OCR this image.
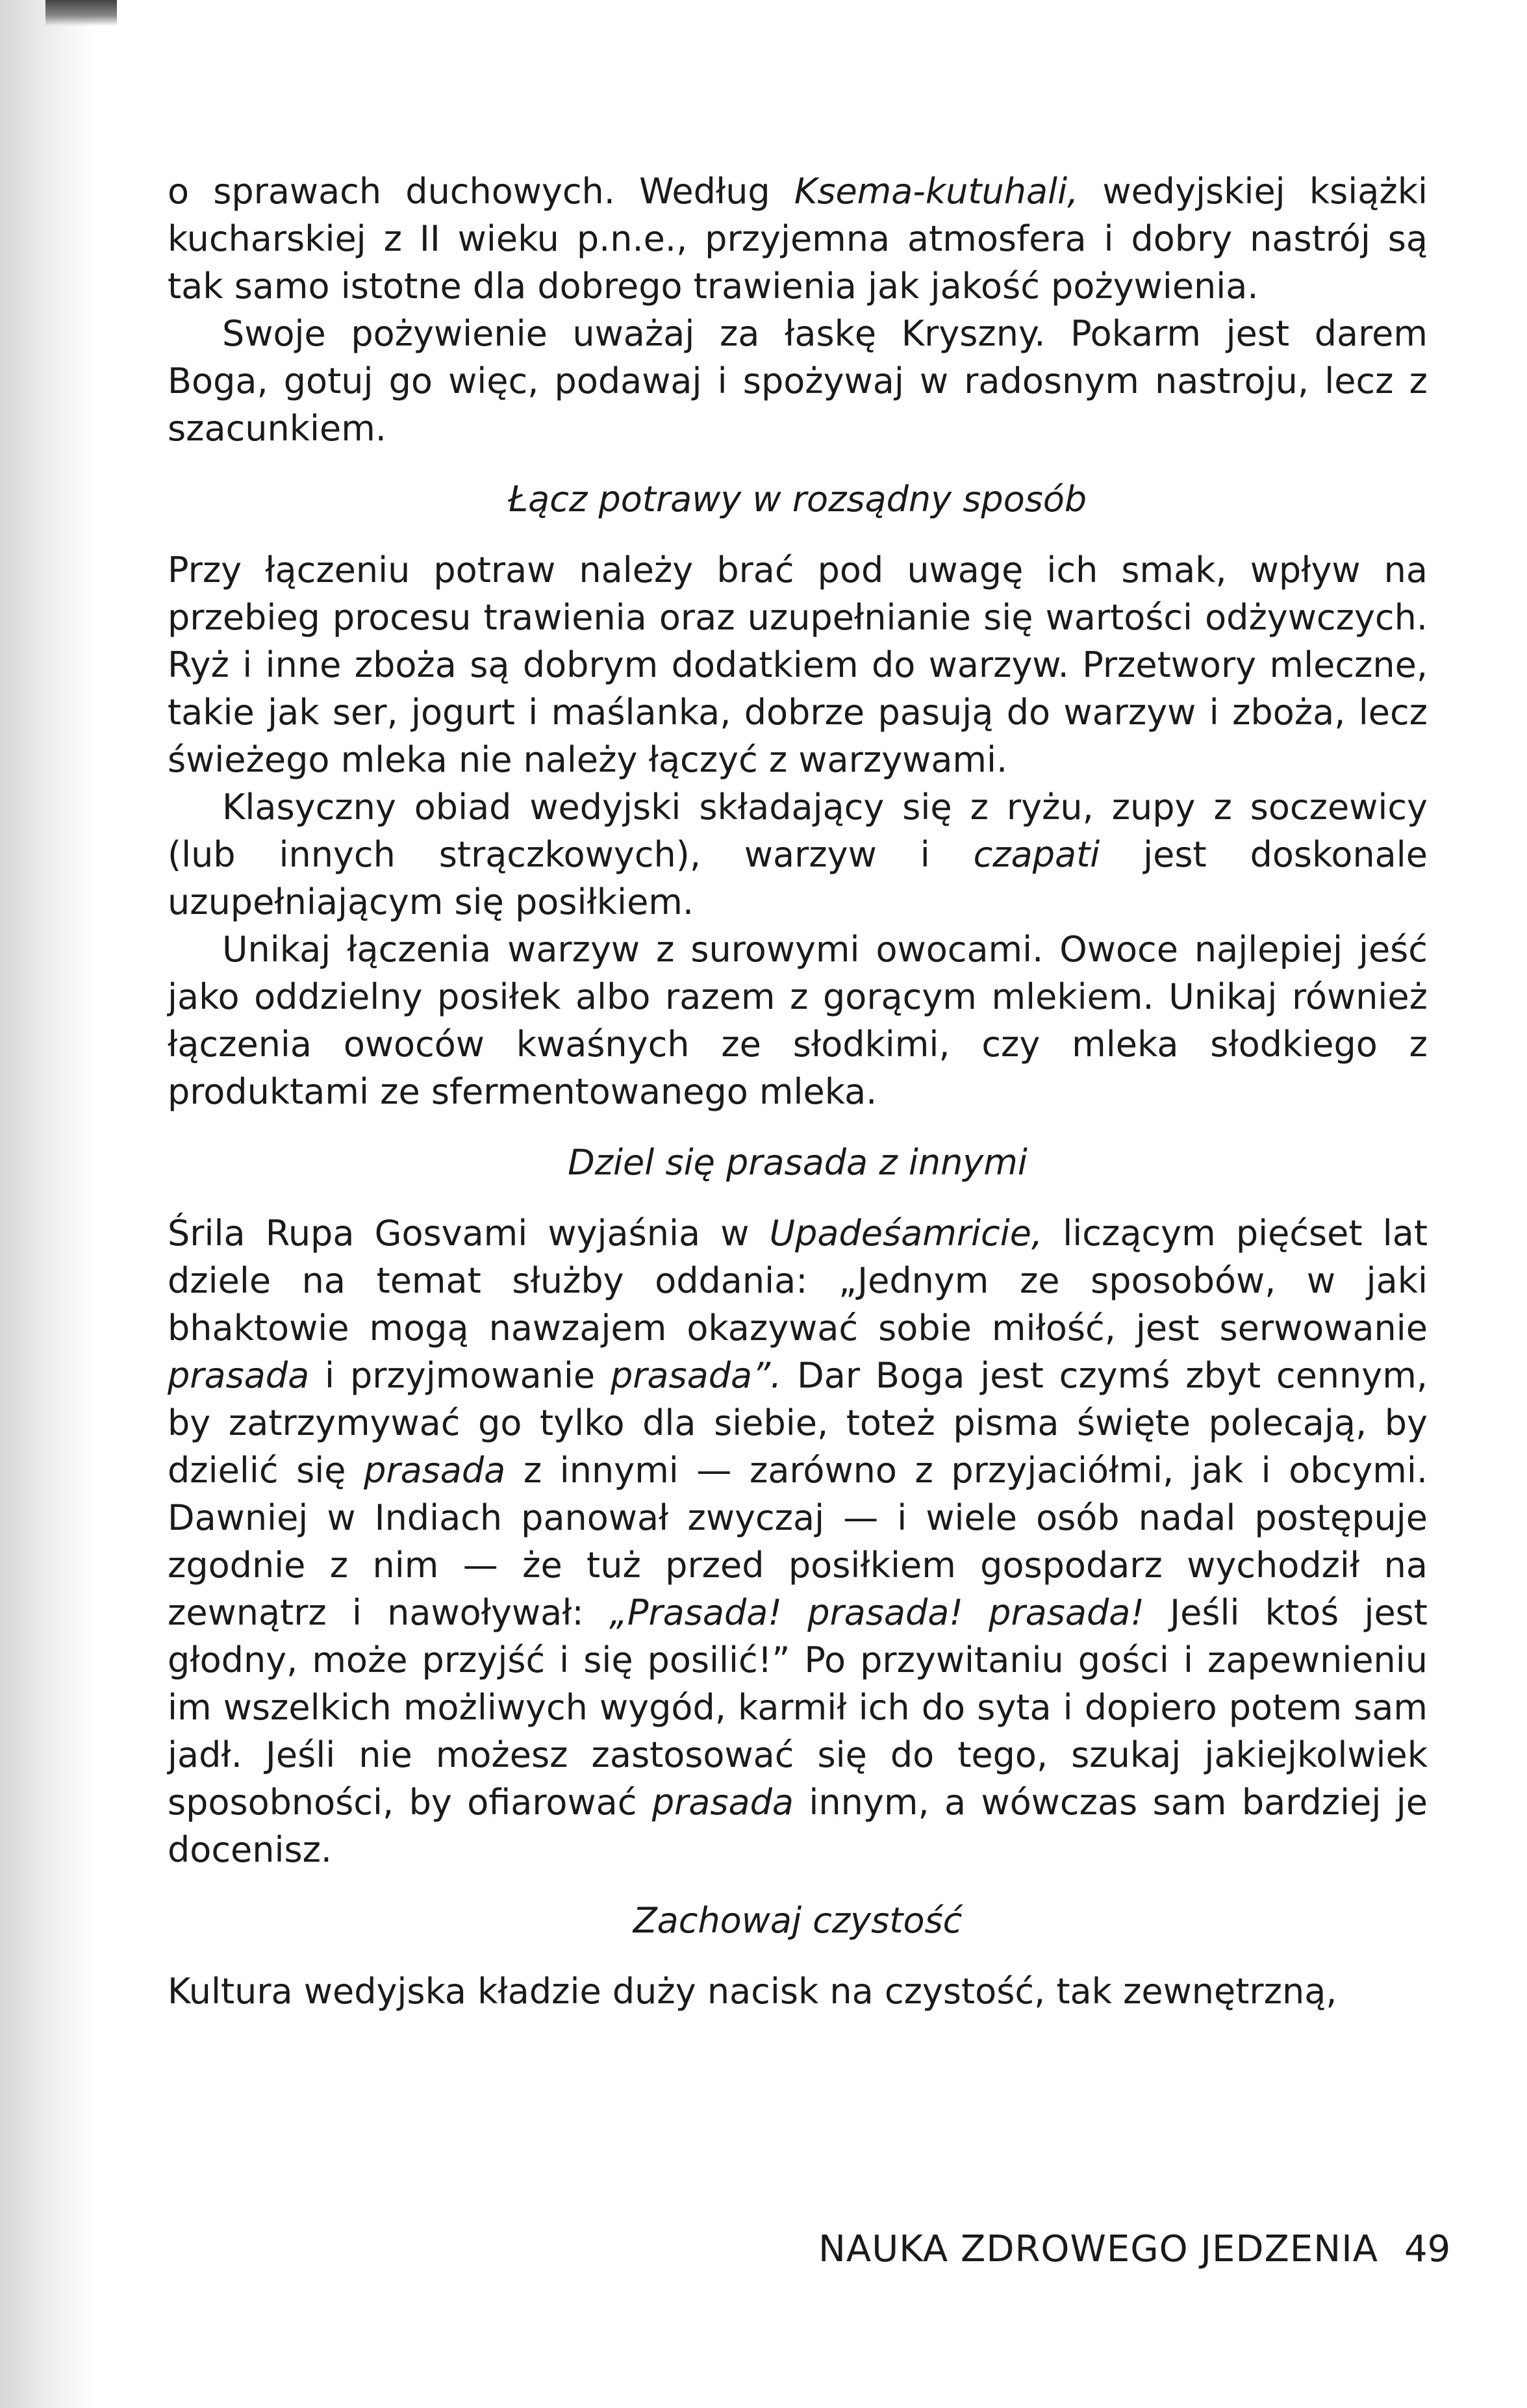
o sprawach duchowych. Według Ksema-kutuhali, wedyjskiej książki kucharskiej z II wieku p.n.e., przyjemna atmosfera i dobry nastrój są tak samo istotne dla dobrego trawienia jak jakość pożywienia.

Swoje pożywienie uważaj za łaskę Kryszny. Pokarm jest darem Boga, gotuj go więc, podawaj i spożywaj w radosnym nastroju, lecz z szacunkiem.

Łącz potrawy w rozsądny sposób

Przy łączeniu potraw należy brać pod uwagę ich smak, wpływ na przebieg procesu trawienia oraz uzupełnianie się wartości odżywczych. Ryż i inne zboża są dobrym dodatkiem do warzyw. Przetwory mleczne, takie jak ser, jogurt i maślanka, dobrze pasują do warzyw i zboża, lecz świeżego mleka nie należy łączyć z warzywami.

Klasyczny obiad wedyjski składający się z ryżu, zupy z soczewicy (lub innych strączkowych), warzyw i czapati jest doskonale uzupełniającym się posiłkiem.

Unikaj łączenia warzyw z surowymi owocami. Owoce najlepiej jeść jako oddzielny posiłek albo razem z gorącym mlekiem. Unikaj również łączenia owoców kwaśnych ze słodkimi, czy mleka słodkiego z produktami ze sfermentowanego mleka.

Dziel się prasada z innymi

Śrila Rupa Gosvami wyjaśnia w Upadeśamricie, liczącym pięćset lat dziele na temat służby oddania: „Jednym ze sposobów, w jaki bhaktowie mogą nawzajem okazywać sobie miłość, jest serwowanie prasada i przyjmowanie prasada”. Dar Boga jest czymś zbyt cennym, by zatrzymywać go tylko dla siebie, toteż pisma święte polecają, by dzielić się prasada z innymi — zarówno z przyjaciółmi, jak i obcymi. Dawniej w Indiach panował zwyczaj — i wiele osób nadal postępuje zgodnie z nim — że tuż przed posiłkiem gospodarz wychodził na zewnątrz i nawoływał: „Prasada! prasada! prasada! Jeśli ktoś jest głodny, może przyjść i się posilić!” Po przywitaniu gości i zapewnieniu im wszelkich możliwych wygód, karmił ich do syta i dopiero potem sam jadł. Jeśli nie możesz zastosować się do tego, szukaj jakiejkolwiek sposobności, by ofiarować prasada innym, a wówczas sam bardziej je docenisz.

Zachowaj czystość

Kultura wedyjska kładzie duży nacisk na czystość, tak zewnętrzną,

NAUKA ZDROWEGO JEDZENIA 49
